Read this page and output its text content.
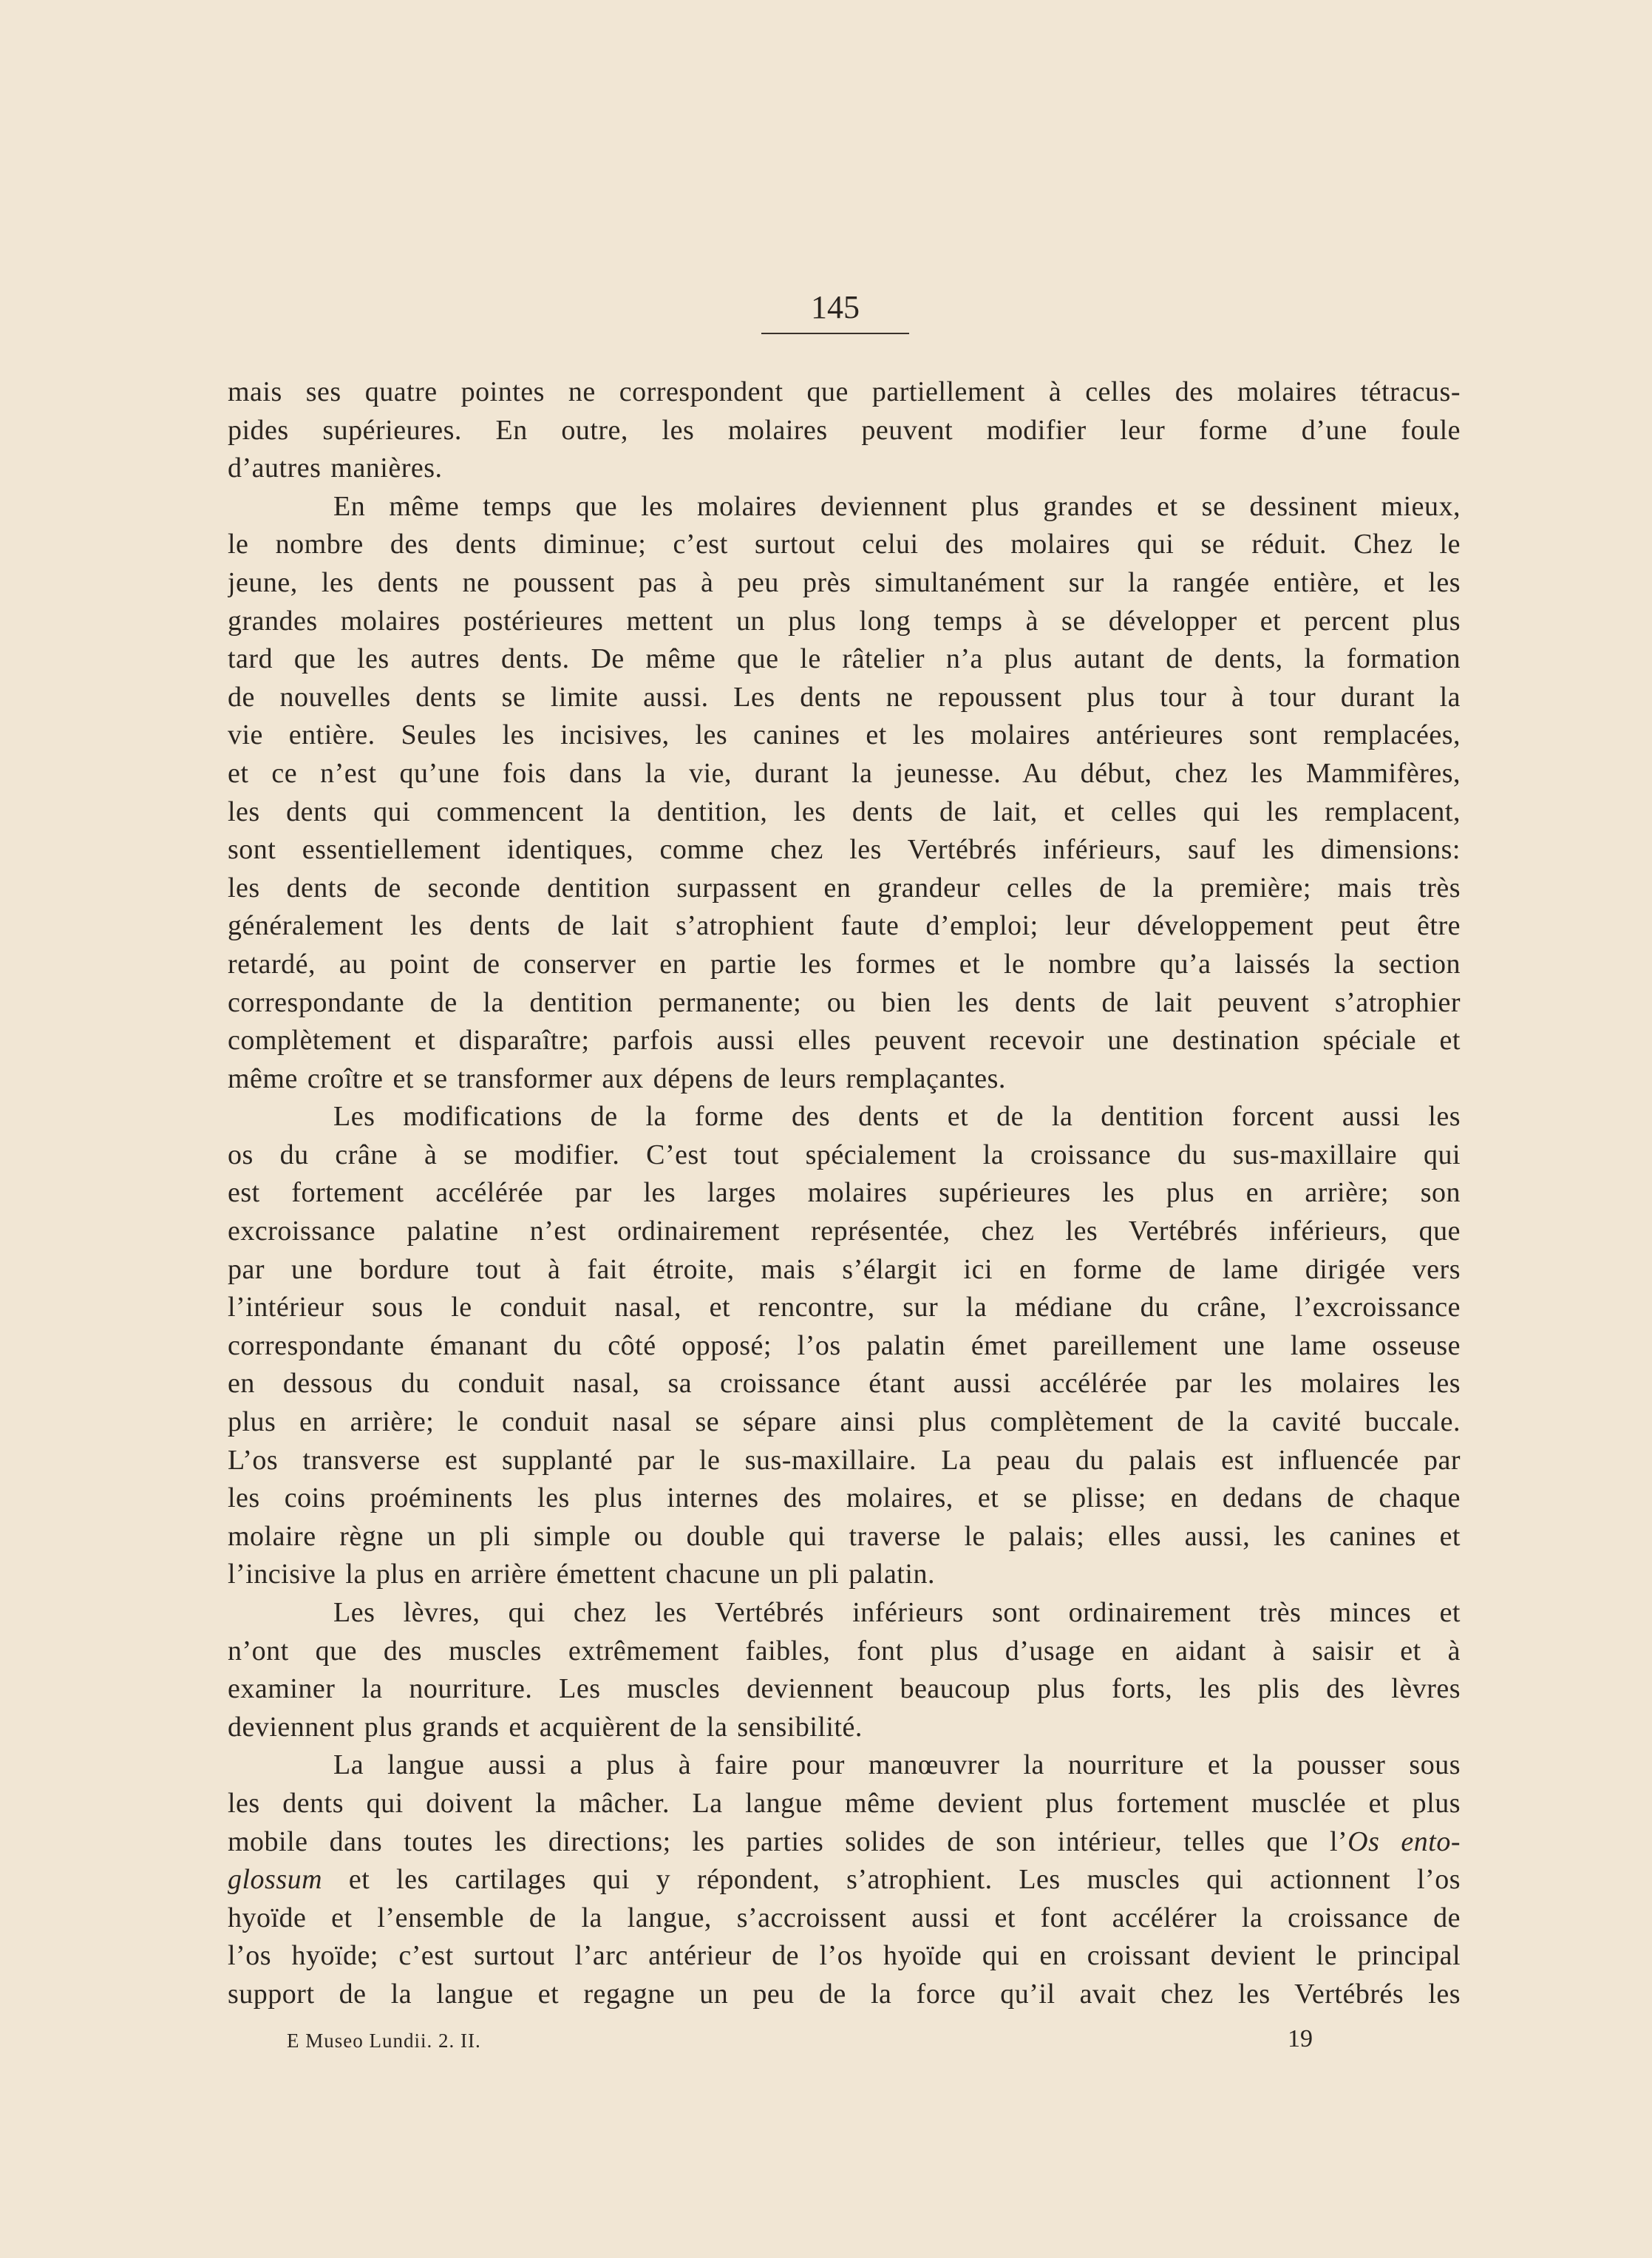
145
mais ses quatre pointes ne correspondent que partiellement à celles des molaires tétracus-
pides supérieures. En outre, les molaires peuvent modifier leur forme d’une foule
d’autres manières.
En même temps que les molaires deviennent plus grandes et se dessinent mieux,
le nombre des dents diminue; c’est surtout celui des molaires qui se réduit. Chez le
jeune, les dents ne poussent pas à peu près simultanément sur la rangée entière, et les
grandes molaires postérieures mettent un plus long temps à se développer et percent plus
tard que les autres dents. De même que le râtelier n’a plus autant de dents, la formation
de nouvelles dents se limite aussi. Les dents ne repoussent plus tour à tour durant la
vie entière. Seules les incisives, les canines et les molaires antérieures sont remplacées,
et ce n’est qu’une fois dans la vie, durant la jeunesse. Au début, chez les Mammifères,
les dents qui commencent la dentition, les dents de lait, et celles qui les remplacent,
sont essentiellement identiques, comme chez les Vertébrés inférieurs, sauf les dimensions:
les dents de seconde dentition surpassent en grandeur celles de la première; mais très
généralement les dents de lait s’atrophient faute d’emploi; leur développement peut être
retardé, au point de conserver en partie les formes et le nombre qu’a laissés la section
correspondante de la dentition permanente; ou bien les dents de lait peuvent s’atrophier
complètement et disparaître; parfois aussi elles peuvent recevoir une destination spéciale et
même croître et se transformer aux dépens de leurs remplaçantes.
Les modifications de la forme des dents et de la dentition forcent aussi les
os du crâne à se modifier. C’est tout spécialement la croissance du sus-maxillaire qui
est fortement accélérée par les larges molaires supérieures les plus en arrière; son
excroissance palatine n’est ordinairement représentée, chez les Vertébrés inférieurs, que
par une bordure tout à fait étroite, mais s’élargit ici en forme de lame dirigée vers
l’intérieur sous le conduit nasal, et rencontre, sur la médiane du crâne, l’excroissance
correspondante émanant du côté opposé; l’os palatin émet pareillement une lame osseuse
en dessous du conduit nasal, sa croissance étant aussi accélérée par les molaires les
plus en arrière; le conduit nasal se sépare ainsi plus complètement de la cavité buccale.
L’os transverse est supplanté par le sus-maxillaire. La peau du palais est influencée par
les coins proéminents les plus internes des molaires, et se plisse; en dedans de chaque
molaire règne un pli simple ou double qui traverse le palais; elles aussi, les canines et
l’incisive la plus en arrière émettent chacune un pli palatin.
Les lèvres, qui chez les Vertébrés inférieurs sont ordinairement très minces et
n’ont que des muscles extrêmement faibles, font plus d’usage en aidant à saisir et à
examiner la nourriture. Les muscles deviennent beaucoup plus forts, les plis des lèvres
deviennent plus grands et acquièrent de la sensibilité.
La langue aussi a plus à faire pour manœuvrer la nourriture et la pousser sous
les dents qui doivent la mâcher. La langue même devient plus fortement musclée et plus
mobile dans toutes les directions; les parties solides de son intérieur, telles que l’Os ento-
glossum et les cartilages qui y répondent, s’atrophient. Les muscles qui actionnent l’os
hyoïde et l’ensemble de la langue, s’accroissent aussi et font accélérer la croissance de
l’os hyoïde; c’est surtout l’arc antérieur de l’os hyoïde qui en croissant devient le principal
support de la langue et regagne un peu de la force qu’il avait chez les Vertébrés les
E Museo Lundii. 2. II.	19
